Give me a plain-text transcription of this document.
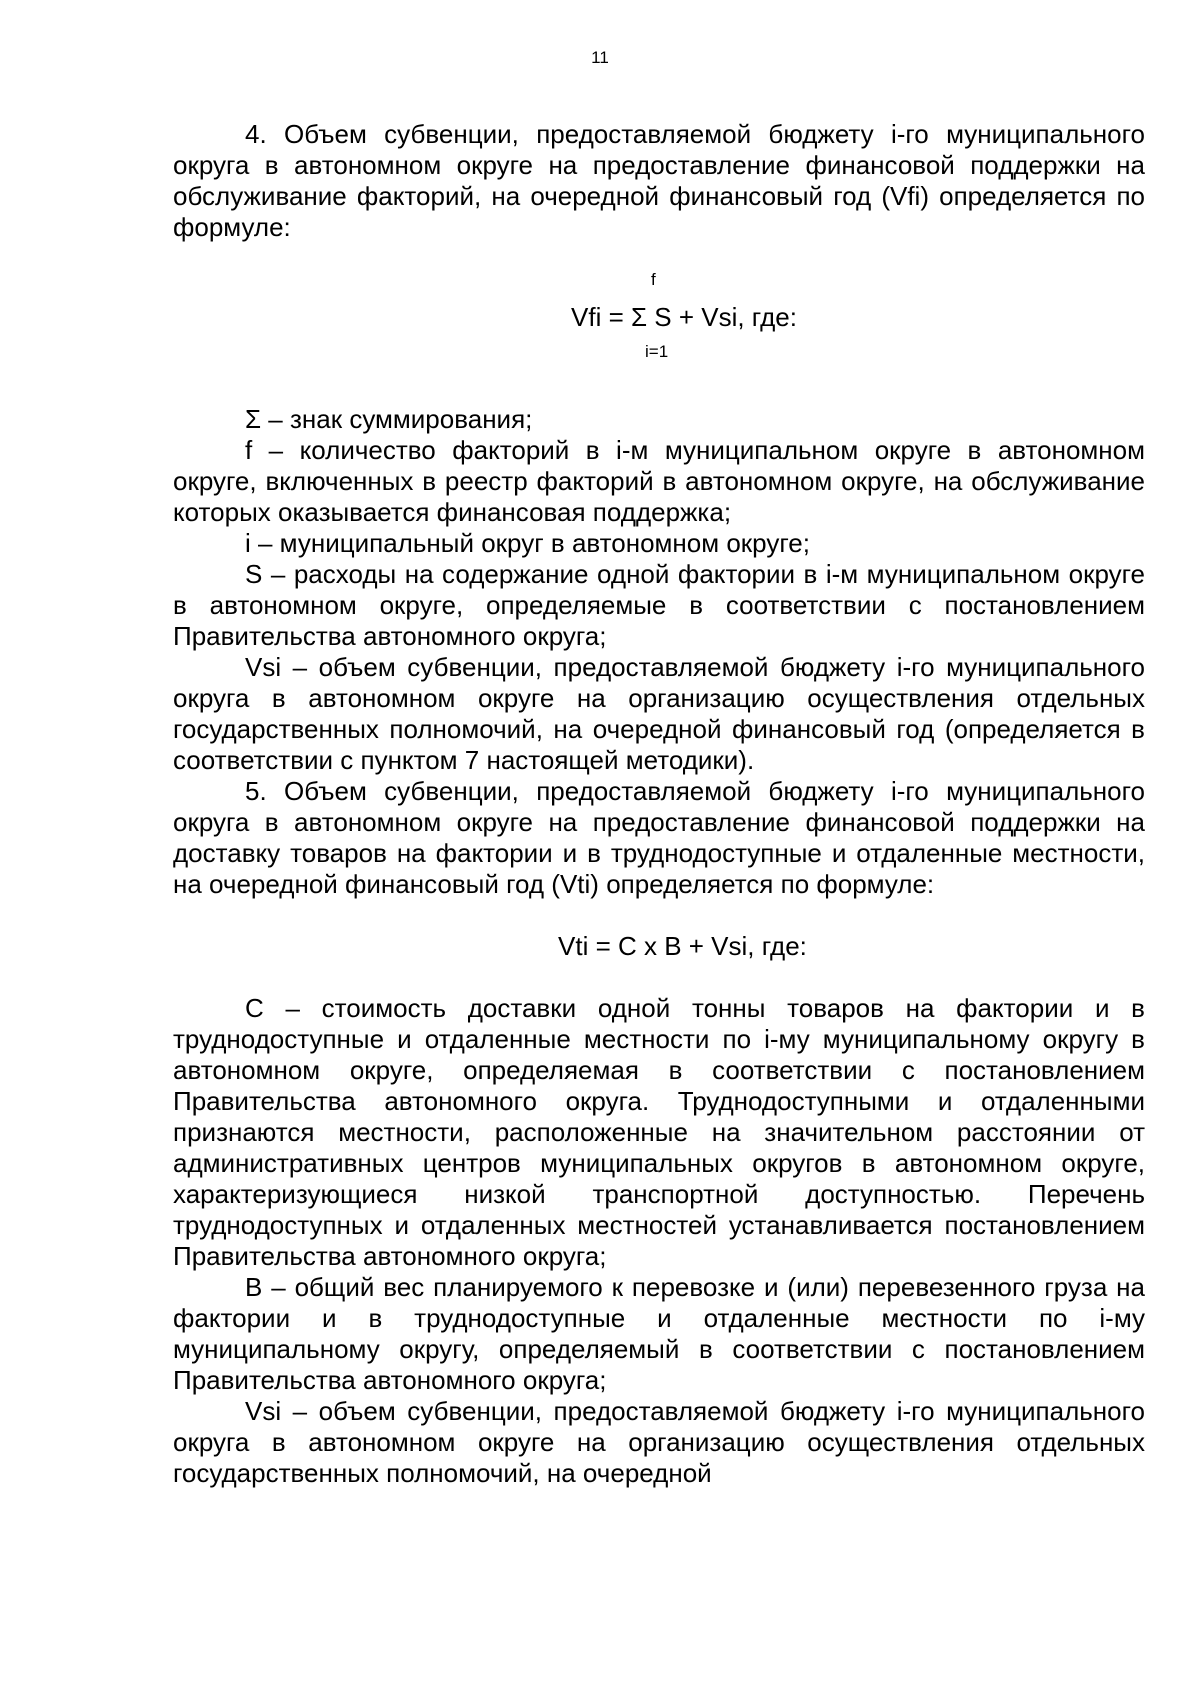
11

4. Объем субвенции, предоставляемой бюджету i-го муниципального округа в автономном округе на предоставление финансовой поддержки на обслуживание факторий, на очередной финансовый год (Vfi) определяется по формуле:

f
Vfi = Σ S + Vsi, где:
i=1

Σ – знак суммирования;

f – количество факторий в i-м муниципальном округе в автономном округе, включенных в реестр факторий в автономном округе, на обслуживание которых оказывается финансовая поддержка;

i – муниципальный округ в автономном округе;

S – расходы на содержание одной фактории в i-м муниципальном округе в автономном округе, определяемые в соответствии с постановлением Правительства автономного округа;

Vsi – объем субвенции, предоставляемой бюджету i-го муниципального округа в автономном округе на организацию осуществления отдельных государственных полномочий, на очередной финансовый год (определяется в соответствии с пунктом 7 настоящей методики).

5. Объем субвенции, предоставляемой бюджету i-го муниципального округа в автономном округе на предоставление финансовой поддержки на доставку товаров на фактории и в труднодоступные и отдаленные местности, на очередной финансовый год (Vti) определяется по формуле:

Vti = C x B + Vsi, где:

C – стоимость доставки одной тонны товаров на фактории и в труднодоступные и отдаленные местности по i-му муниципальному округу в автономном округе, определяемая в соответствии с постановлением Правительства автономного округа. Труднодоступными и отдаленными признаются местности, расположенные на значительном расстоянии от административных центров муниципальных округов в автономном округе, характеризующиеся низкой транспортной доступностью. Перечень труднодоступных и отдаленных местностей устанавливается постановлением Правительства автономного округа;

B – общий вес планируемого к перевозке и (или) перевезенного груза на фактории и в труднодоступные и отдаленные местности по i-му муниципальному округу, определяемый в соответствии с постановлением Правительства автономного округа;

Vsi – объем субвенции, предоставляемой бюджету i-го муниципального округа в автономном округе на организацию осуществления отдельных государственных полномочий, на очередной
